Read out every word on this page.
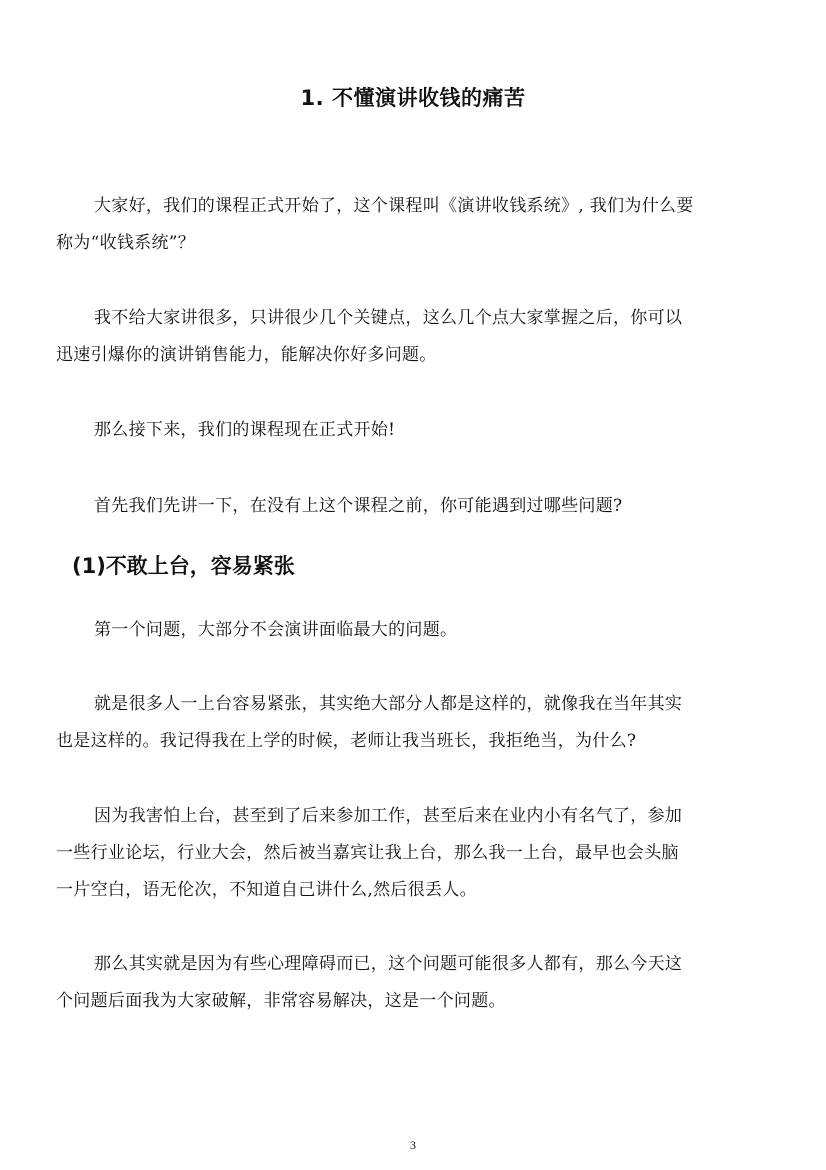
1. 不懂演讲收钱的痛苦

大家好，我们的课程正式开始了，这个课程叫《演讲收钱系统》, 我们为什么要称为“收钱系统”？

我不给大家讲很多，只讲很少几个关键点，这么几个点大家掌握之后，你可以迅速引爆你的演讲销售能力，能解决你好多问题。

那么接下来，我们的课程现在正式开始!

首先我们先讲一下，在没有上这个课程之前，你可能遇到过哪些问题?

(1)不敢上台，容易紧张

第一个问题，大部分不会演讲面临最大的问题。

就是很多人一上台容易紧张，其实绝大部分人都是这样的，就像我在当年其实也是这样的。我记得我在上学的时候，老师让我当班长，我拒绝当，为什么?

因为我害怕上台，甚至到了后来参加工作，甚至后来在业内小有名气了，参加一些行业论坛，行业大会，然后被当嘉宾让我上台，那么我一上台，最早也会头脑一片空白，语无伦次，不知道自己讲什么,然后很丢人。

那么其实就是因为有些心理障碍而已，这个问题可能很多人都有，那么今天这个问题后面我为大家破解，非常容易解决，这是一个问题。

3
